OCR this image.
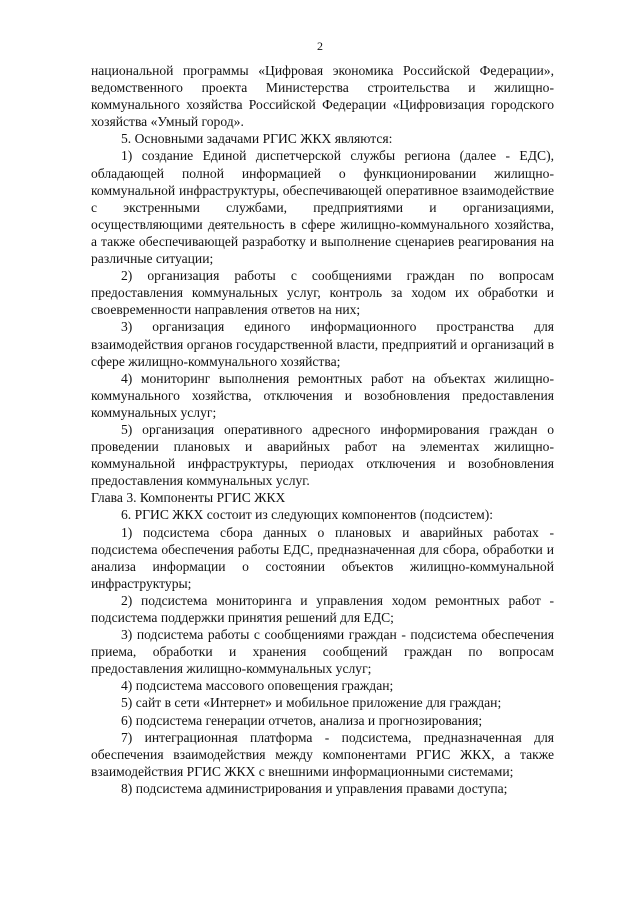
2

национальной программы «Цифровая экономика Российской Федерации», ведомственного проекта Министерства строительства и жилищно-коммунального хозяйства Российской Федерации «Цифровизация городского хозяйства «Умный город».

5. Основными задачами РГИС ЖКХ являются:

1) создание Единой диспетчерской службы региона (далее - ЕДС), обладающей полной информацией о функционировании жилищно-коммунальной инфраструктуры, обеспечивающей оперативное взаимодействие с экстренными службами, предприятиями и организациями, осуществляющими деятельность в сфере жилищно-коммунального хозяйства, а также обеспечивающей разработку и выполнение сценариев реагирования на различные ситуации;

2) организация работы с сообщениями граждан по вопросам предоставления коммунальных услуг, контроль за ходом их обработки и своевременности направления ответов на них;

3) организация единого информационного пространства для взаимодействия органов государственной власти, предприятий и организаций в сфере жилищно-коммунального хозяйства;

4) мониторинг выполнения ремонтных работ на объектах жилищно-коммунального хозяйства, отключения и возобновления предоставления коммунальных услуг;

5) организация оперативного адресного информирования граждан о проведении плановых и аварийных работ на элементах жилищно-коммунальной инфраструктуры, периодах отключения и возобновления предоставления коммунальных услуг.

Глава 3. Компоненты РГИС ЖКХ

6. РГИС ЖКХ состоит из следующих компонентов (подсистем):

1) подсистема сбора данных о плановых и аварийных работах - подсистема обеспечения работы ЕДС, предназначенная для сбора, обработки и анализа информации о состоянии объектов жилищно-коммунальной инфраструктуры;

2) подсистема мониторинга и управления ходом ремонтных работ - подсистема поддержки принятия решений для ЕДС;

3) подсистема работы с сообщениями граждан - подсистема обеспечения приема, обработки и хранения сообщений граждан по вопросам предоставления жилищно-коммунальных услуг;

4) подсистема массового оповещения граждан;

5) сайт в сети «Интернет» и мобильное приложение для граждан;

6) подсистема генерации отчетов, анализа и прогнозирования;

7) интеграционная платформа - подсистема, предназначенная для обеспечения взаимодействия между компонентами РГИС ЖКХ, а также взаимодействия РГИС ЖКХ с внешними информационными системами;

8) подсистема администрирования и управления правами доступа;
